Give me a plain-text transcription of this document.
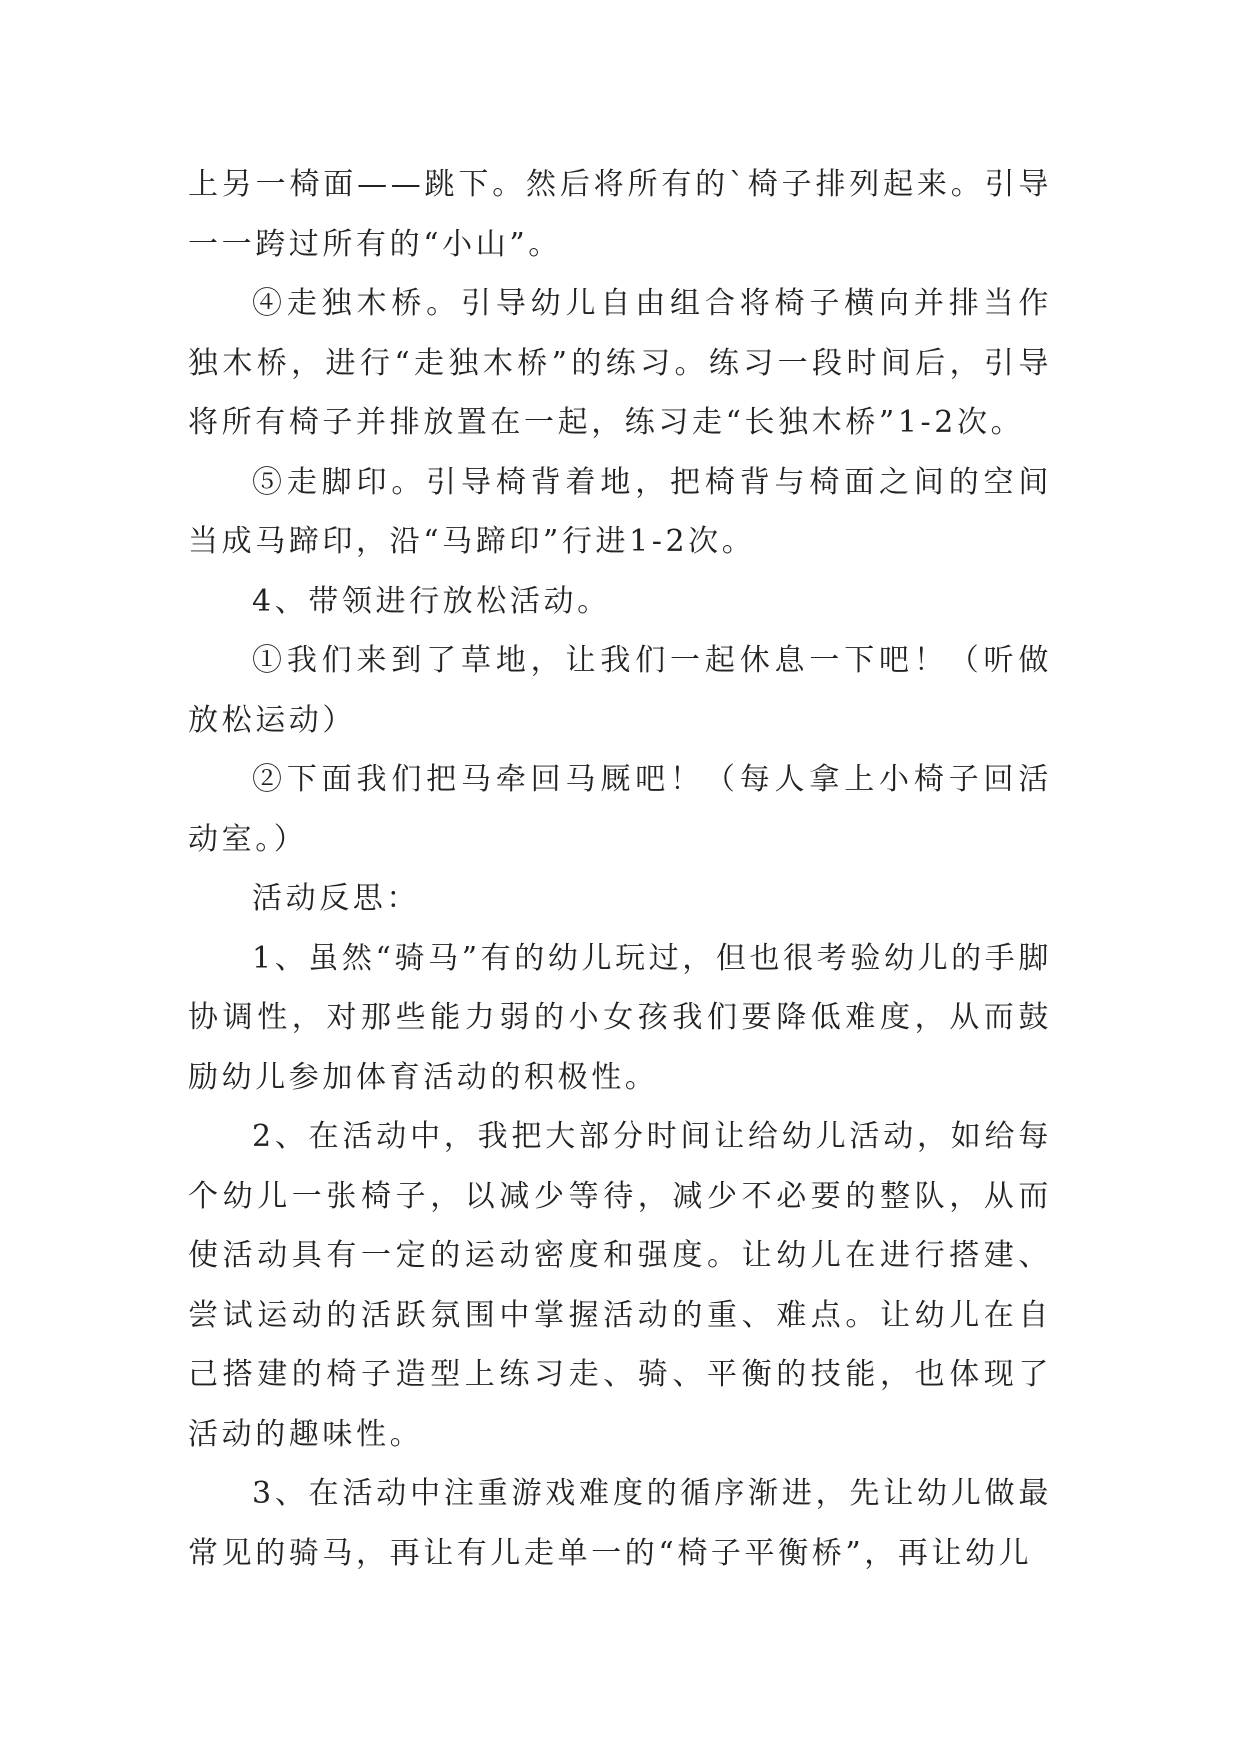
上另一椅面——跳下。然后将所有的`椅子排列起来。引导一一跨过所有的“小山”。

④走独木桥。引导幼儿自由组合将椅子横向并排当作独木桥，进行“走独木桥”的练习。练习一段时间后，引导将所有椅子并排放置在一起，练习走“长独木桥”1-2次。

⑤走脚印。引导椅背着地，把椅背与椅面之间的空间当成马蹄印，沿“马蹄印”行进1-2次。

4、带领进行放松活动。

①我们来到了草地，让我们一起休息一下吧！（听做放松运动）

②下面我们把马牵回马厩吧！（每人拿上小椅子回活动室。）

活动反思：

1、虽然“骑马”有的幼儿玩过，但也很考验幼儿的手脚协调性，对那些能力弱的小女孩我们要降低难度，从而鼓励幼儿参加体育活动的积极性。

2、在活动中，我把大部分时间让给幼儿活动，如给每个幼儿一张椅子，以减少等待，减少不必要的整队，从而使活动具有一定的运动密度和强度。让幼儿在进行搭建、尝试运动的活跃氛围中掌握活动的重、难点。让幼儿在自己搭建的椅子造型上练习走、骑、平衡的技能，也体现了活动的趣味性。

3、在活动中注重游戏难度的循序渐进，先让幼儿做最常见的骑马，再让有儿走单一的“椅子平衡桥”，再让幼儿
